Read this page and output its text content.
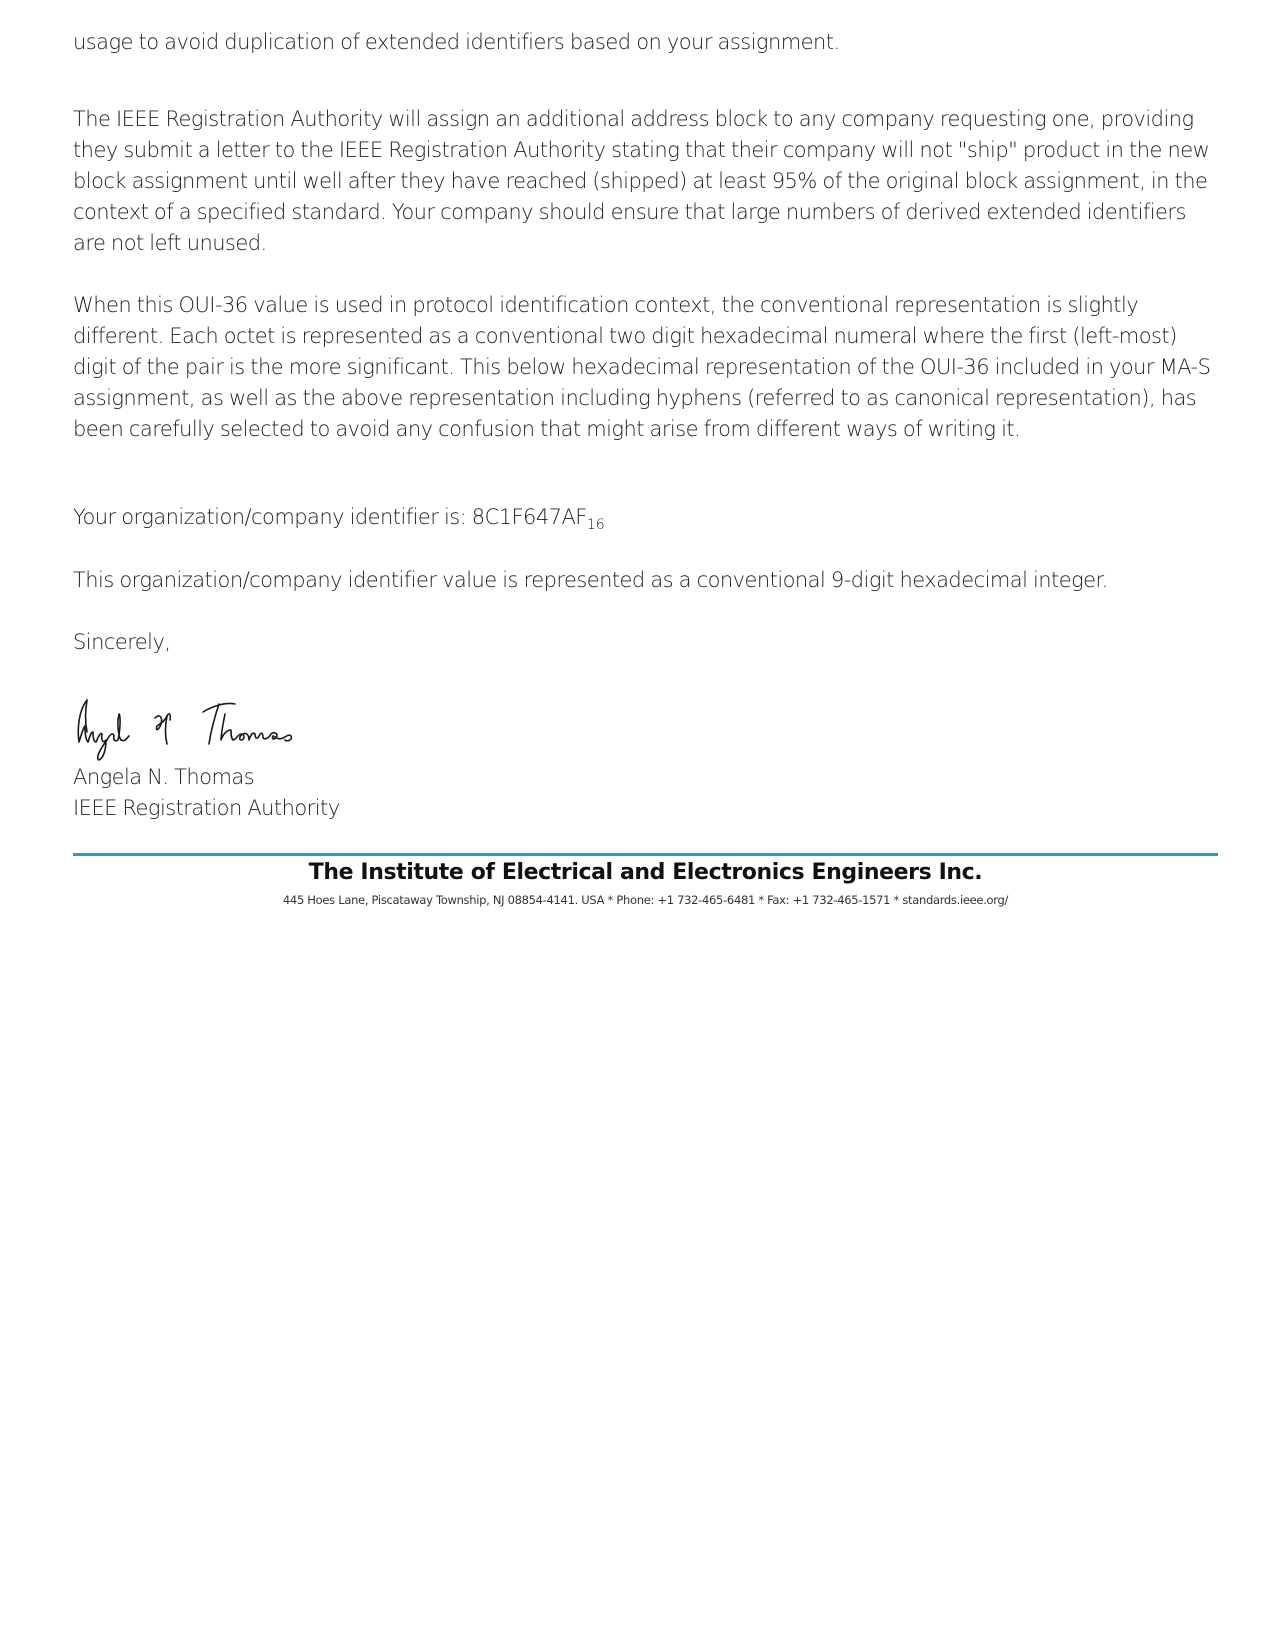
usage to avoid duplication of extended identifiers based on your assignment.

The IEEE Registration Authority will assign an additional address block to any company requesting one, providing they submit a letter to the IEEE Registration Authority stating that their company will not "ship" product in the new block assignment until well after they have reached (shipped) at least 95% of the original block assignment, in the context of a specified standard. Your company should ensure that large numbers of derived extended identifiers are not left unused.

When this OUI-36 value is used in protocol identification context, the conventional representation is slightly different. Each octet is represented as a conventional two digit hexadecimal numeral where the first (left-most) digit of the pair is the more significant. This below hexadecimal representation of the OUI-36 included in your MA-S assignment, as well as the above representation including hyphens (referred to as canonical representation), has been carefully selected to avoid any confusion that might arise from different ways of writing it.

Your organization/company identifier is: $8C1F647AF_{16}$

This organization/company identifier value is represented as a conventional 9-digit hexadecimal integer.

Sincerely,

Angela N. Thomas

IEEE Registration Authority

The Institute of Electrical and Electronics Engineers Inc.
445 Hoes Lane, Piscataway Township, NJ 08854-4141. USA * Phone: +1 732-465-6481 * Fax: +1 732-465-1571 * standards.ieee.org/
